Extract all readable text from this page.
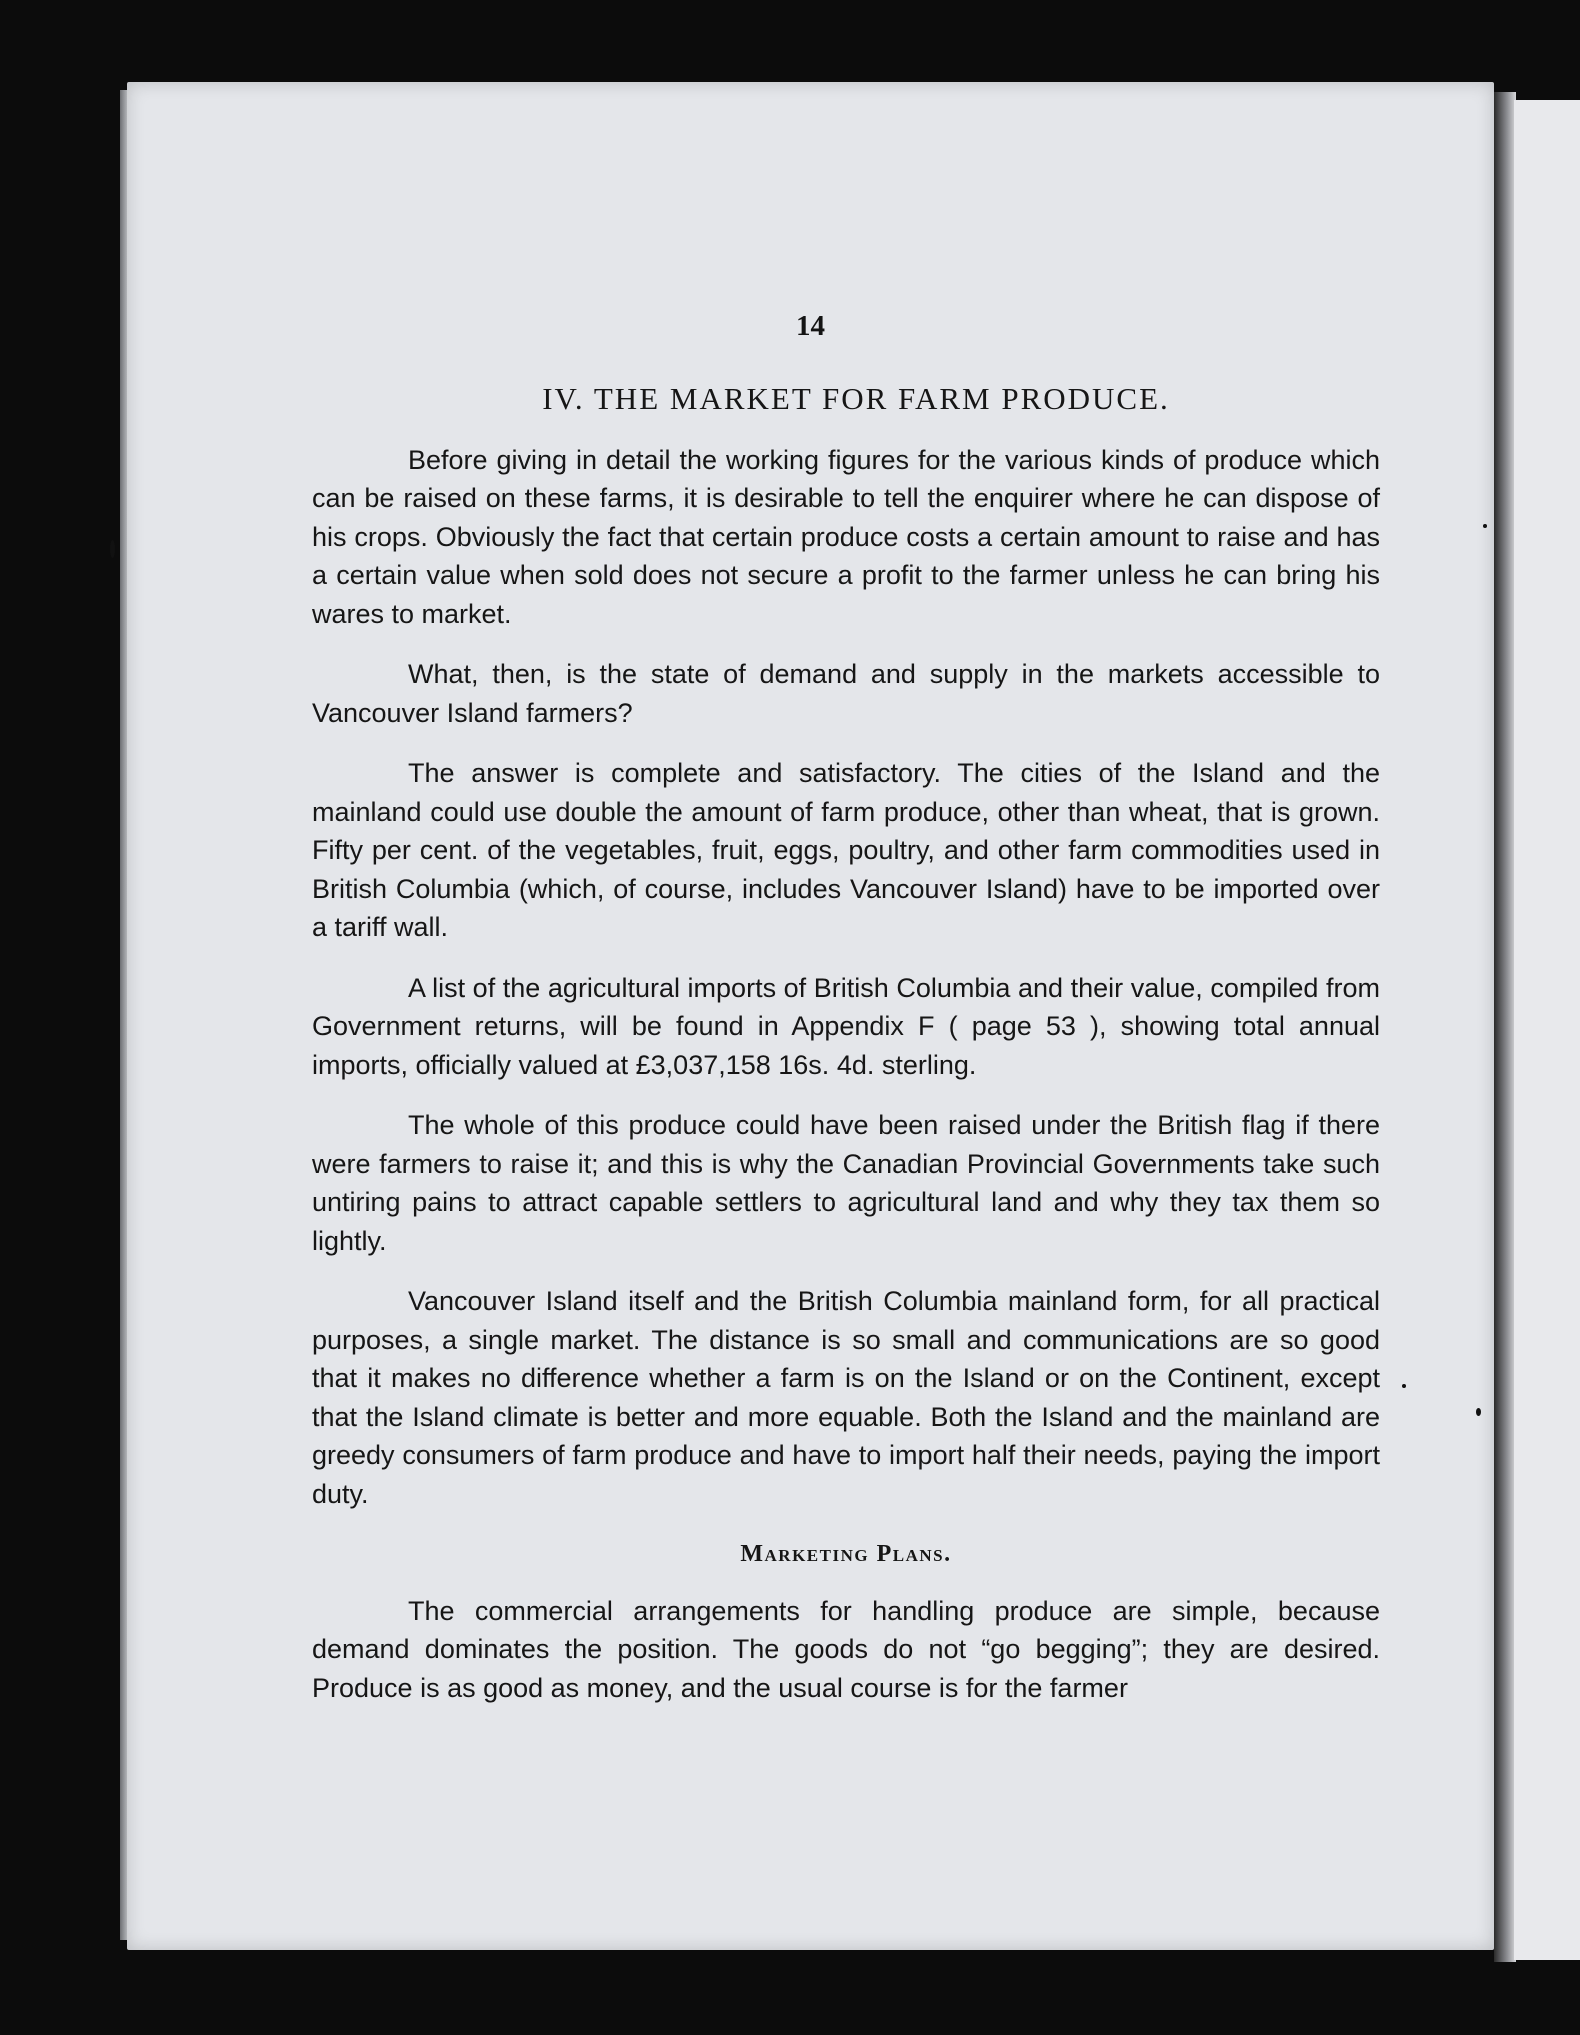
14
IV. THE MARKET FOR FARM PRODUCE.

Before giving in detail the working figures for the various kinds of produce which can be raised on these farms, it is desirable to tell the enquirer where he can dispose of his crops. Obviously the fact that certain produce costs a certain amount to raise and has a certain value when sold does not secure a profit to the farmer unless he can bring his wares to market.

What, then, is the state of demand and supply in the markets accessible to Vancouver Island farmers?

The answer is complete and satisfactory. The cities of the Island and the mainland could use double the amount of farm produce, other than wheat, that is grown. Fifty per cent. of the vegetables, fruit, eggs, poultry, and other farm commodities used in British Columbia (which, of course, includes Vancouver Island) have to be imported over a tariff wall.

A list of the agricultural imports of British Columbia and their value, compiled from Government returns, will be found in Appendix F ( page 53 ), showing total annual imports, officially valued at £3,037,158 16s. 4d. sterling.

The whole of this produce could have been raised under the British flag if there were farmers to raise it; and this is why the Canadian Provincial Governments take such untiring pains to attract capable settlers to agricultural land and why they tax them so lightly.

Vancouver Island itself and the British Columbia mainland form, for all practical purposes, a single market. The distance is so small and communications are so good that it makes no difference whether a farm is on the Island or on the Continent, except that the Island climate is better and more equable. Both the Island and the mainland are greedy consumers of farm produce and have to import half their needs, paying the import duty.

Marketing Plans.

The commercial arrangements for handling produce are simple, because demand dominates the position. The goods do not “go begging”; they are desired. Produce is as good as money, and the usual course is for the farmer
